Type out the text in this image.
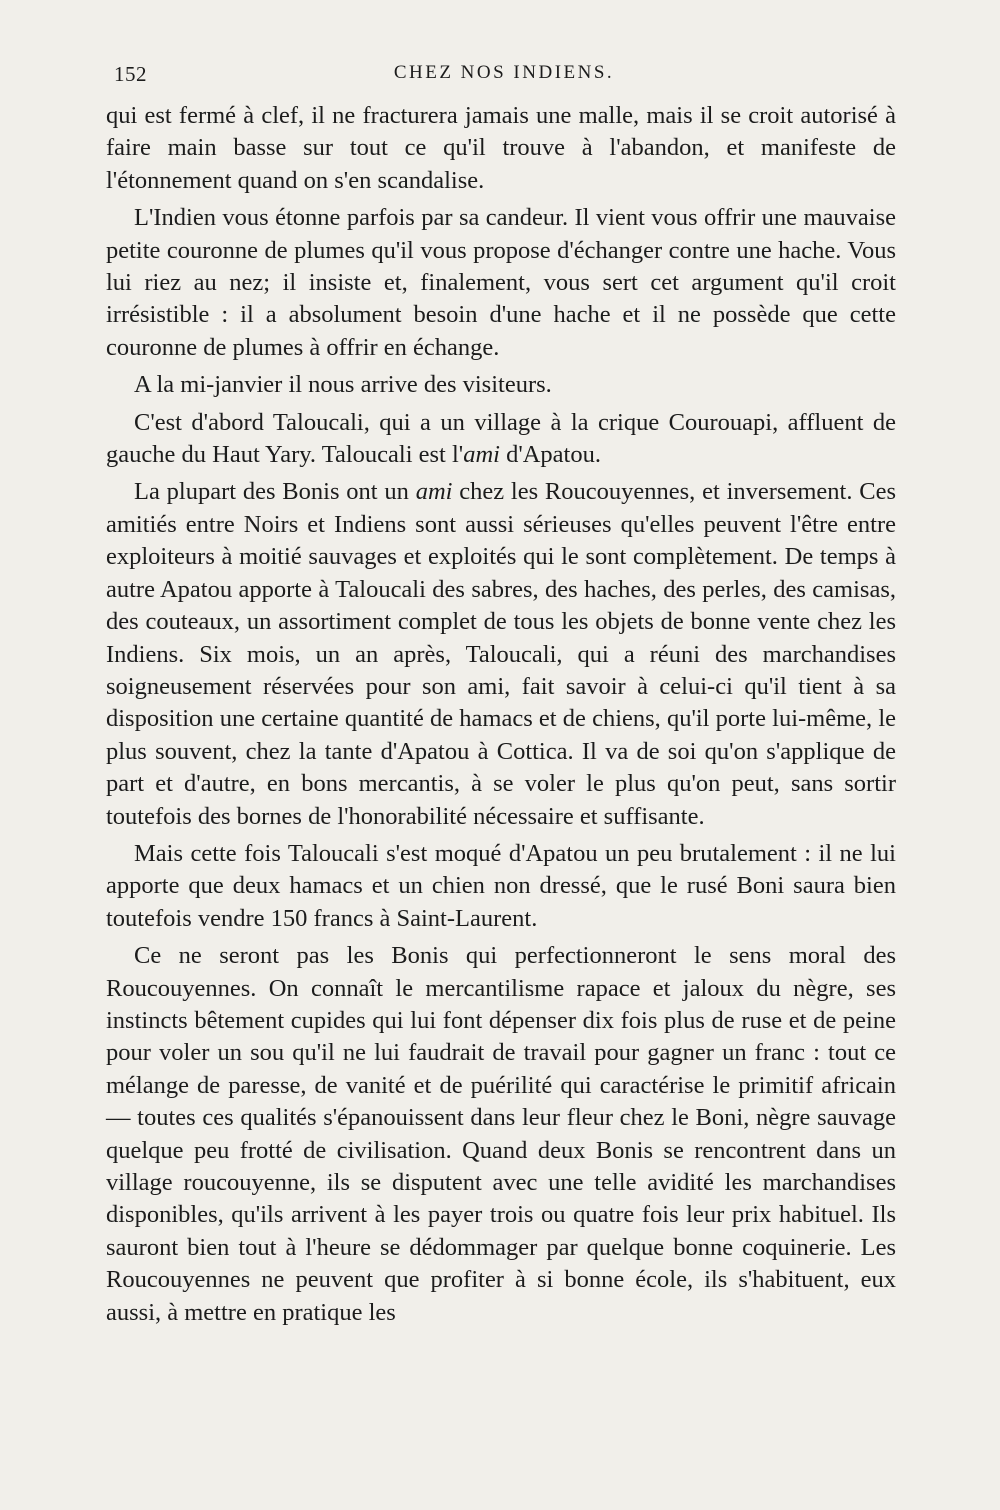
152	CHEZ NOS INDIENS.

qui est fermé à clef, il ne fracturera jamais une malle, mais il se croit autorisé à faire main basse sur tout ce qu'il trouve à l'abandon, et manifeste de l'étonnement quand on s'en scandalise.

L'Indien vous étonne parfois par sa candeur. Il vient vous offrir une mauvaise petite couronne de plumes qu'il vous propose d'échanger contre une hache. Vous lui riez au nez; il insiste et, finalement, vous sert cet argument qu'il croit irrésistible : il a absolument besoin d'une hache et il ne possède que cette couronne de plumes à offrir en échange.

A la mi-janvier il nous arrive des visiteurs.

C'est d'abord Taloucali, qui a un village à la crique Courouapi, affluent de gauche du Haut Yary. Taloucali est l'ami d'Apatou.

La plupart des Bonis ont un ami chez les Roucouyennes, et inversement. Ces amitiés entre Noirs et Indiens sont aussi sérieuses qu'elles peuvent l'être entre exploiteurs à moitié sauvages et exploités qui le sont complètement. De temps à autre Apatou apporte à Taloucali des sabres, des haches, des perles, des camisas, des couteaux, un assortiment complet de tous les objets de bonne vente chez les Indiens. Six mois, un an après, Taloucali, qui a réuni des marchandises soigneusement réservées pour son ami, fait savoir à celui-ci qu'il tient à sa disposition une certaine quantité de hamacs et de chiens, qu'il porte lui-même, le plus souvent, chez la tante d'Apatou à Cottica. Il va de soi qu'on s'applique de part et d'autre, en bons mercantis, à se voler le plus qu'on peut, sans sortir toutefois des bornes de l'honorabilité nécessaire et suffisante.

Mais cette fois Taloucali s'est moqué d'Apatou un peu brutalement : il ne lui apporte que deux hamacs et un chien non dressé, que le rusé Boni saura bien toutefois vendre 150 francs à Saint-Laurent.

Ce ne seront pas les Bonis qui perfectionneront le sens moral des Roucouyennes. On connaît le mercantilisme rapace et jaloux du nègre, ses instincts bêtement cupides qui lui font dépenser dix fois plus de ruse et de peine pour voler un sou qu'il ne lui faudrait de travail pour gagner un franc : tout ce mélange de paresse, de vanité et de puérilité qui caractérise le primitif africain — toutes ces qualités s'épanouissent dans leur fleur chez le Boni, nègre sauvage quelque peu frotté de civilisation. Quand deux Bonis se rencontrent dans un village roucouyenne, ils se disputent avec une telle avidité les marchandises disponibles, qu'ils arrivent à les payer trois ou quatre fois leur prix habituel. Ils sauront bien tout à l'heure se dédommager par quelque bonne coquinerie. Les Roucouyennes ne peuvent que profiter à si bonne école, ils s'habituent, eux aussi, à mettre en pratique les
